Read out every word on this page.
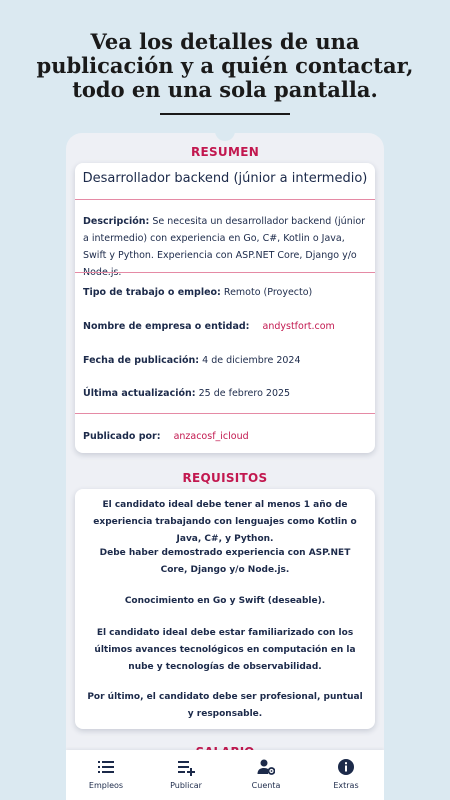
Vea los detalles de una
publicación y a quién contactar,
todo en una sola pantalla.
RESUMEN
Desarrollador backend (júnior a intermedio)
Descripción: Se necesita un desarrollador backend (júnior a intermedio) con experiencia en Go, C#, Kotlin o Java, Swift y Python. Experiencia con ASP.NET Core, Django y/o
Tipo de trabajo o empleo: Remoto (Proyecto)
Nombre de empresa o entidad: andystfort.com
Fecha de publicación: 4 de diciembre 2024
Última actualización: 25 de febrero 2025
Publicado por: anzacosf_icloud
REQUISITOS
El candidato ideal debe tener al menos 1 año de experiencia trabajando con lenguajes como Kotlin o Java, C#, y Python.
Debe haber demostrado experiencia con ASP.NET Core, Django y/o Node.js.
Conocimiento en Go y Swift (deseable).
El candidato ideal debe estar familiarizado con los últimos avances tecnológicos en computación en la nube y tecnologías de observabilidad.
Por último, el candidato debe ser profesional, puntual y responsable.
Empleos	Publicar	Cuenta	Extras
